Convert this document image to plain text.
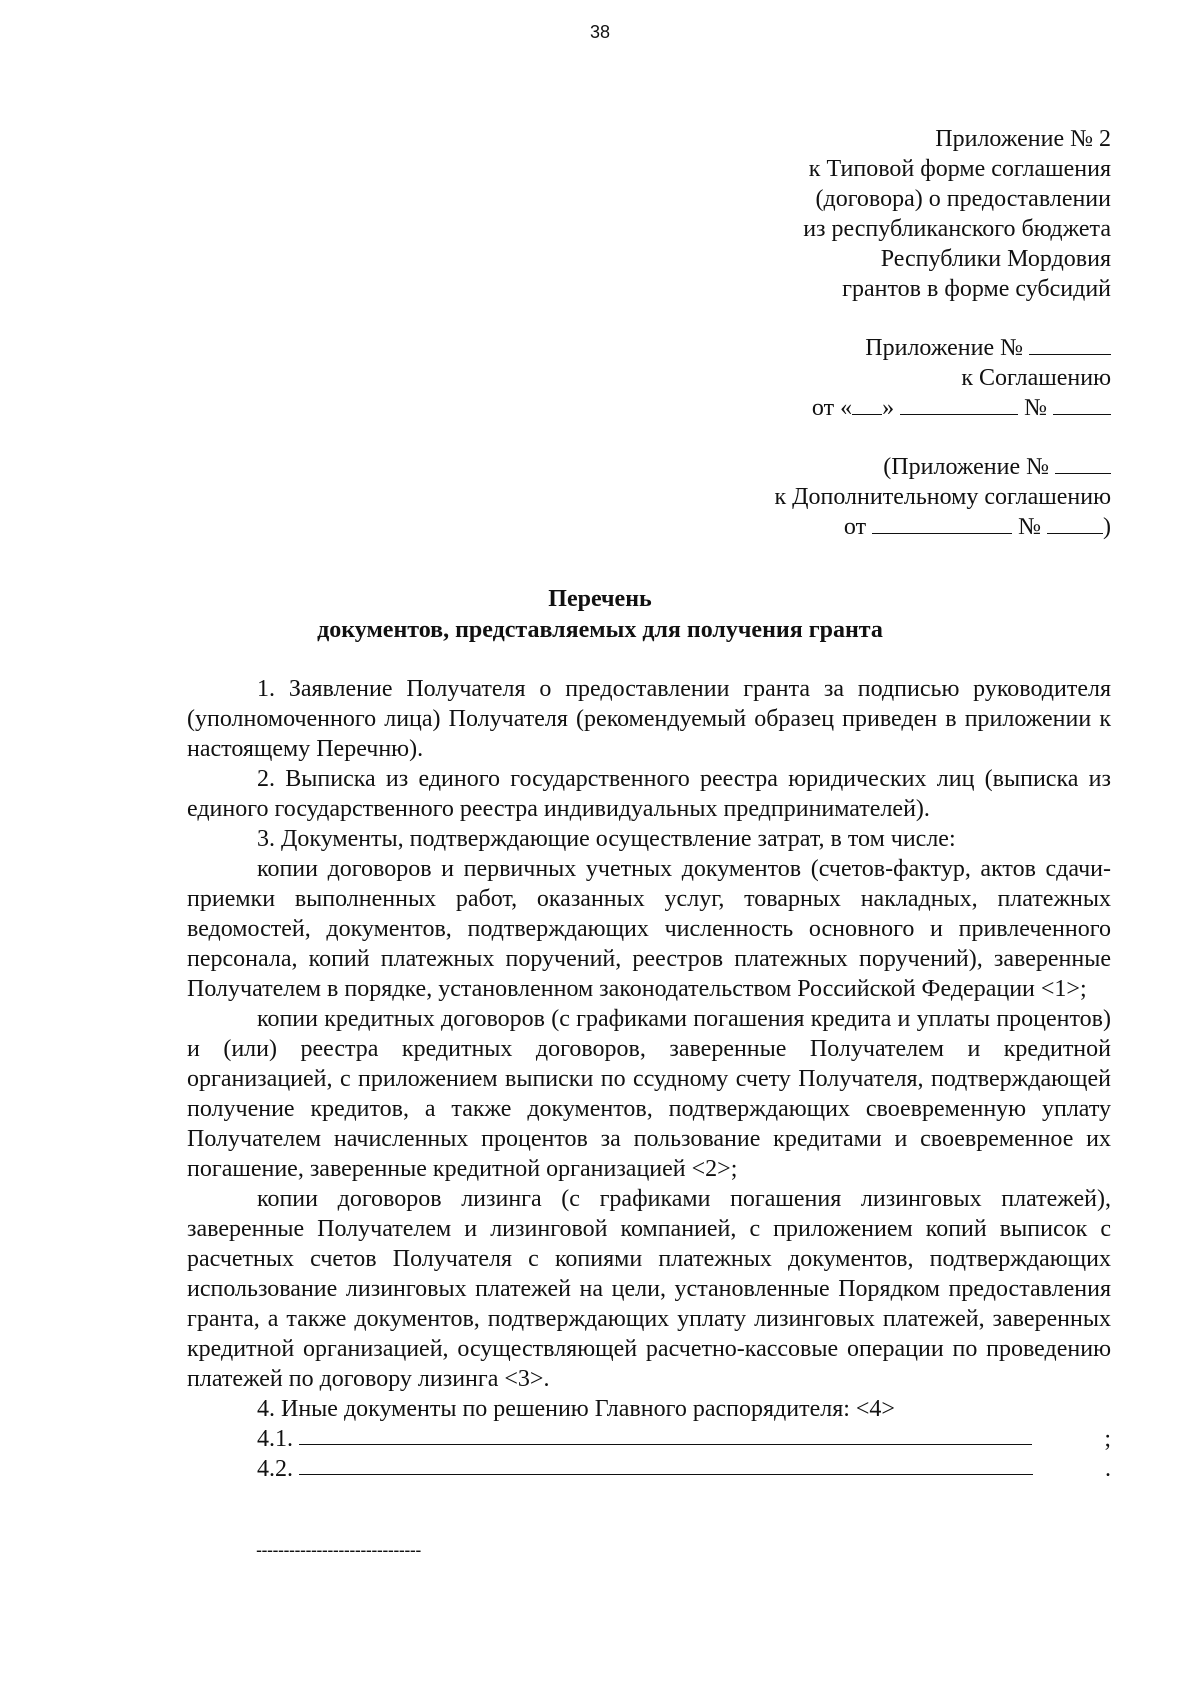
38
Приложение № 2
к Типовой форме соглашения
(договора) о предоставлении
из республиканского бюджета
Республики Мордовия
грантов в форме субсидий
Приложение №
к Соглашению
от « »	№
(Приложение №
к Дополнительному соглашению
от	№	)
Перечень
документов, представляемых для получения гранта

1. Заявление Получателя о предоставлении гранта за подписью руководителя (уполномоченного лица) Получателя (рекомендуемый образец приведен в приложении к настоящему Перечню).

2. Выписка из единого государственного реестра юридических лиц (выписка из единого государственного реестра индивидуальных предпринимателей).

3. Документы, подтверждающие осуществление затрат, в том числе:

копии договоров и первичных учетных документов (счетов-фактур, актов сдачи-приемки выполненных работ, оказанных услуг, товарных накладных, платежных ведомостей, документов, подтверждающих численность основного и привлеченного персонала, копий платежных поручений, реестров платежных поручений), заверенные Получателем в порядке, установленном законодательством Российской Федерации <1>;

копии кредитных договоров (с графиками погашения кредита и уплаты процентов) и (или) реестра кредитных договоров, заверенные Получателем и кредитной организацией, с приложением выписки по ссудному счету Получателя, подтверждающей получение кредитов, а также документов, подтверждающих своевременную уплату Получателем начисленных процентов за пользование кредитами и своевременное их погашение, заверенные кредитной организацией <2>;

копии договоров лизинга (с графиками погашения лизинговых платежей), заверенные Получателем и лизинговой компанией, с приложением копий выписок с расчетных счетов Получателя с копиями платежных документов, подтверждающих использование лизинговых платежей на цели, установленные Порядком предоставления гранта, а также документов, подтверждающих уплату лизинговых платежей, заверенных кредитной организацией, осуществляющей расчетно-кассовые операции по проведению платежей по договору лизинга <3>.

4. Иные документы по решению Главного распорядителя: <4>

4.1.	;
4.2.	.
------------------------------
